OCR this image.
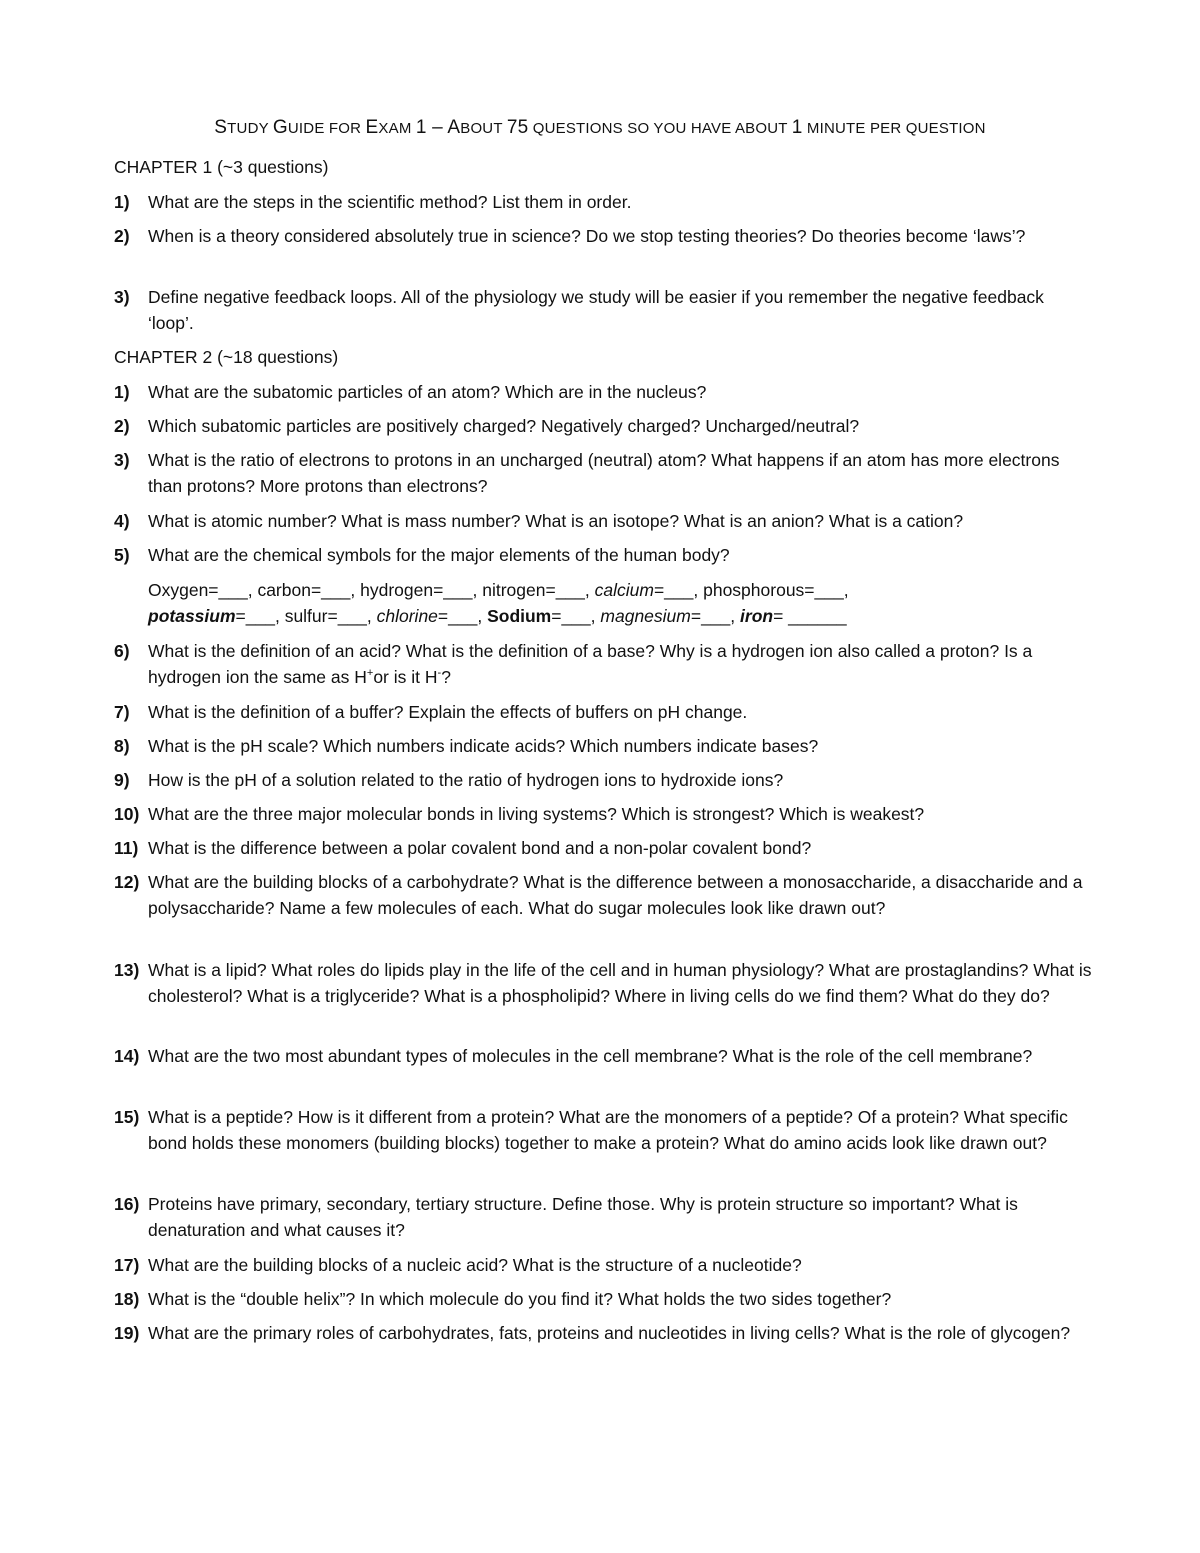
STUDY GUIDE FOR EXAM 1 – ABOUT 75 QUESTIONS SO YOU HAVE ABOUT 1 MINUTE PER QUESTION
CHAPTER 1 (~3 questions)
1)	What are the steps in the scientific method? List them in order.
2)	When is a theory considered absolutely true in science? Do we stop testing theories? Do theories become ‘laws’?
3)	Define negative feedback loops. All of the physiology we study will be easier if you remember the negative feedback ‘loop’.
CHAPTER 2 (~18 questions)
1)	What are the subatomic particles of an atom? Which are in the nucleus?
2)	Which subatomic particles are positively charged? Negatively charged? Uncharged/neutral?
3)	What is the ratio of electrons to protons in an uncharged (neutral) atom? What happens if an atom has more electrons than protons? More protons than electrons?
4)	What is atomic number? What is mass number? What is an isotope? What is an anion? What is a cation?
5)	What are the chemical symbols for the major elements of the human body?
Oxygen=___, carbon=___, hydrogen=___, nitrogen=___, calcium=___, phosphorous=___,
potassium=___, sulfur=___, chlorine=___, Sodium=___, magnesium=___, iron= ______
6)	What is the definition of an acid? What is the definition of a base? Why is a hydrogen ion also called a proton? Is a hydrogen ion the same as H+or is it H-?
7)	What is the definition of a buffer? Explain the effects of buffers on pH change.
8)	What is the pH scale? Which numbers indicate acids? Which numbers indicate bases?
9)	How is the pH of a solution related to the ratio of hydrogen ions to hydroxide ions?
10) What are the three major molecular bonds in living systems? Which is strongest? Which is weakest?
11) What is the difference between a polar covalent bond and a non-polar covalent bond?
12) What are the building blocks of a carbohydrate? What is the difference between a monosaccharide, a disaccharide and a polysaccharide? Name a few molecules of each. What do sugar molecules look like drawn out?
13) What is a lipid? What roles do lipids play in the life of the cell and in human physiology? What are prostaglandins? What is cholesterol? What is a triglyceride? What is a phospholipid? Where in living cells do we find them? What do they do?
14) What are the two most abundant types of molecules in the cell membrane? What is the role of the cell membrane?
15) What is a peptide? How is it different from a protein? What are the monomers of a peptide? Of a protein? What specific bond holds these monomers (building blocks) together to make a protein? What do amino acids look like drawn out?
16) Proteins have primary, secondary, tertiary structure. Define those. Why is protein structure so important? What is denaturation and what causes it?
17) What are the building blocks of a nucleic acid? What is the structure of a nucleotide?
18) What is the “double helix”? In which molecule do you find it? What holds the two sides together?
19) What are the primary roles of carbohydrates, fats, proteins and nucleotides in living cells? What is the role of glycogen?
